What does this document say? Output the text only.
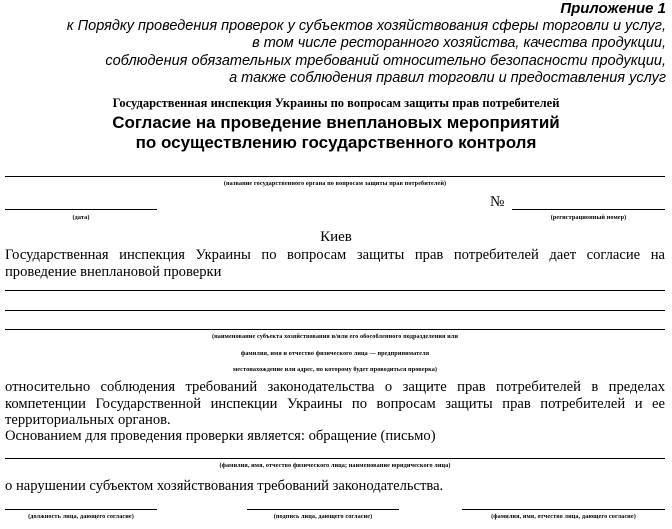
Приложение 1
к Порядку проведения проверок у субъектов хозяйствования сферы торговли и услуг,
в том числе ресторанного хозяйства, качества продукции,
соблюдения обязательных требований относительно безопасности продукции,
а также соблюдения правил торговли и предоставления услуг
Государственная инспекция Украины по вопросам защиты прав потребителей
Согласие на проведение внеплановых мероприятий
по осуществлению государственного контроля
(название государственного органа по вопросам защиты прав потребителей)
(дата)
№
(регистрационный номер)
Киев
Государственная инспекция Украины по вопросам защиты прав потребителей дает согласие на проведение внеплановой проверки
(наименование субъекта хозяйствования и/или его обособленного подразделения или
фамилия, имя и отчество физического лица — предпринимателя
местонахождение или адрес, по которому будет проводиться проверка)
относительно соблюдения требований законодательства о защите прав потребителей в пределах компетенции Государственной инспекции Украины по вопросам защиты прав потребителей и ее территориальных органов.
Основанием для проведения проверки является: обращение (письмо)
(фамилия, имя, отчество физического лица; наименование юридического лица)
о нарушении субъектом хозяйствования требований законодательства.
(должность лица, дающего согласие)	(подпись лица, дающего согласие)	(фамилия, имя, отчество лица, дающего согласие)
